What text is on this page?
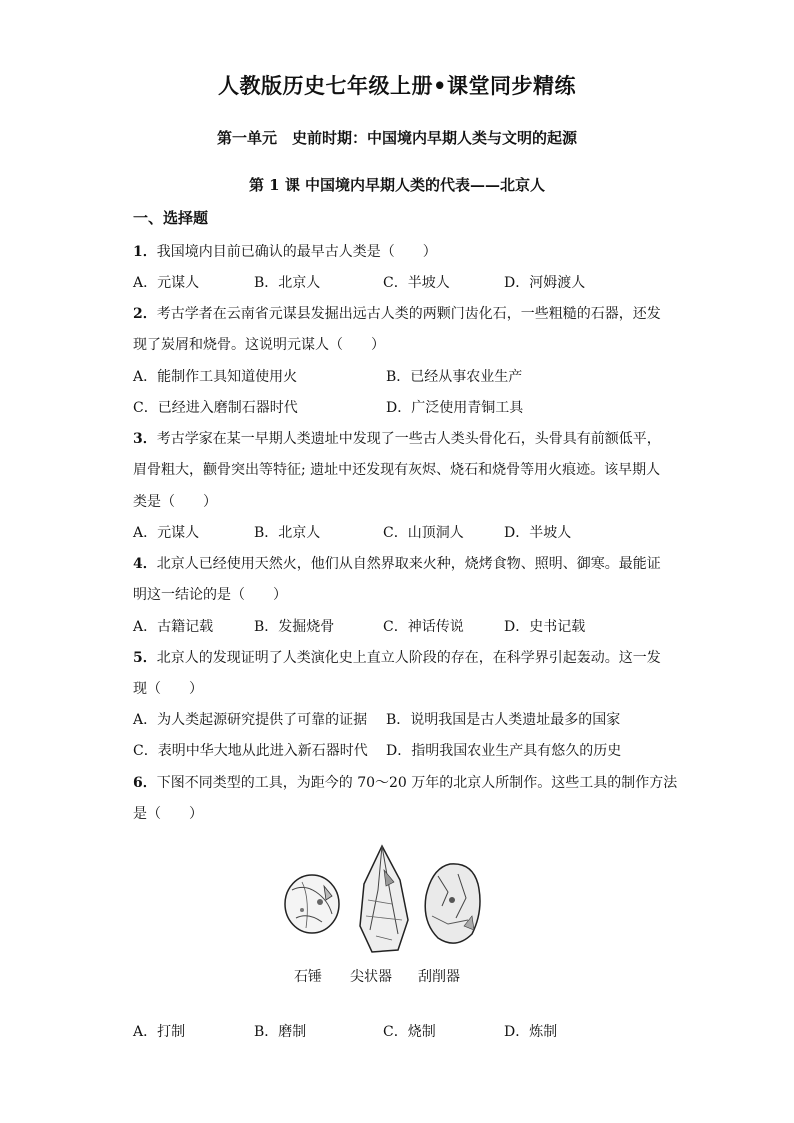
人教版历史七年级上册•课堂同步精练
第一单元　史前时期：中国境内早期人类与文明的起源
第 1 课 中国境内早期人类的代表——北京人
一、选择题
1．我国境内目前已确认的最早古人类是（　　）
A．元谋人	B．北京人	C．半坡人	D．河姆渡人
2．考古学者在云南省元谋县发掘出远古人类的两颗门齿化石，一些粗糙的石器，还发
现了炭屑和烧骨。这说明元谋人（　　）
A．能制作工具知道使用火	B．已经从事农业生产
C．已经进入磨制石器时代	D．广泛使用青铜工具
3．考古学家在某一早期人类遗址中发现了一些古人类头骨化石，头骨具有前额低平，
眉骨粗大，颧骨突出等特征; 遗址中还发现有灰烬、烧石和烧骨等用火痕迹。该早期人
类是（　　）
A．元谋人	B．北京人	C．山顶洞人	D．半坡人
4．北京人已经使用天然火，他们从自然界取来火种，烧烤食物、照明、御寒。最能证
明这一结论的是（　　）
A．古籍记载	B．发掘烧骨	C．神话传说	D．史书记载
5．北京人的发现证明了人类演化史上直立人阶段的存在，在科学界引起轰动。这一发
现（　　）
A．为人类起源研究提供了可靠的证据 B．说明我国是古人类遗址最多的国家
C．表明中华大地从此进入新石器时代 D．指明我国农业生产具有悠久的历史
6．下图不同类型的工具，为距今的 70～20 万年的北京人所制作。这些工具的制作方法
是（　　）
石锤 尖状器 刮削器
A．打制	B．磨制	C．烧制	D．炼制
